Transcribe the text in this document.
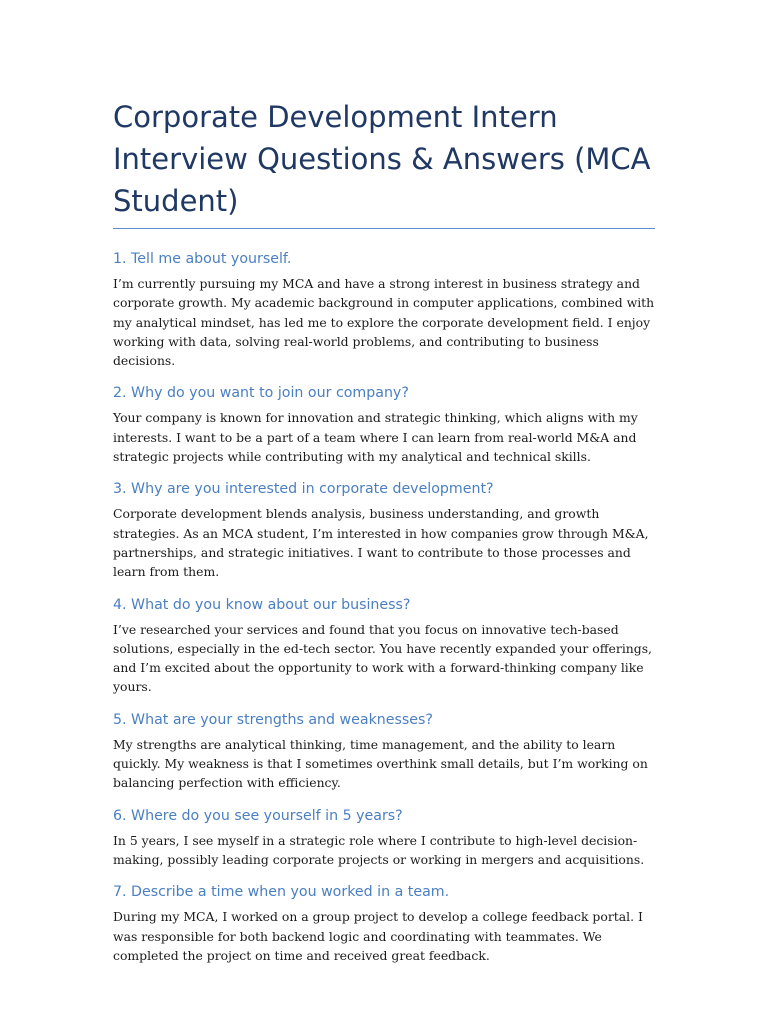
Corporate Development Intern Interview Questions & Answers (MCA Student)
1. Tell me about yourself.

I’m currently pursuing my MCA and have a strong interest in business strategy and corporate growth. My academic background in computer applications, combined with my analytical mindset, has led me to explore the corporate development field. I enjoy working with data, solving real-world problems, and contributing to business decisions.

2. Why do you want to join our company?

Your company is known for innovation and strategic thinking, which aligns with my interests. I want to be a part of a team where I can learn from real-world M&A and strategic projects while contributing with my analytical and technical skills.

3. Why are you interested in corporate development?

Corporate development blends analysis, business understanding, and growth strategies. As an MCA student, I’m interested in how companies grow through M&A, partnerships, and strategic initiatives. I want to contribute to those processes and learn from them.

4. What do you know about our business?

I’ve researched your services and found that you focus on innovative tech-based solutions, especially in the ed-tech sector. You have recently expanded your offerings, and I’m excited about the opportunity to work with a forward-thinking company like yours.

5. What are your strengths and weaknesses?

My strengths are analytical thinking, time management, and the ability to learn quickly. My weakness is that I sometimes overthink small details, but I’m working on balancing perfection with efficiency.

6. Where do you see yourself in 5 years?

In 5 years, I see myself in a strategic role where I contribute to high-level decision-making, possibly leading corporate projects or working in mergers and acquisitions.

7. Describe a time when you worked in a team.

During my MCA, I worked on a group project to develop a college feedback portal. I was responsible for both backend logic and coordinating with teammates. We completed the project on time and received great feedback.
